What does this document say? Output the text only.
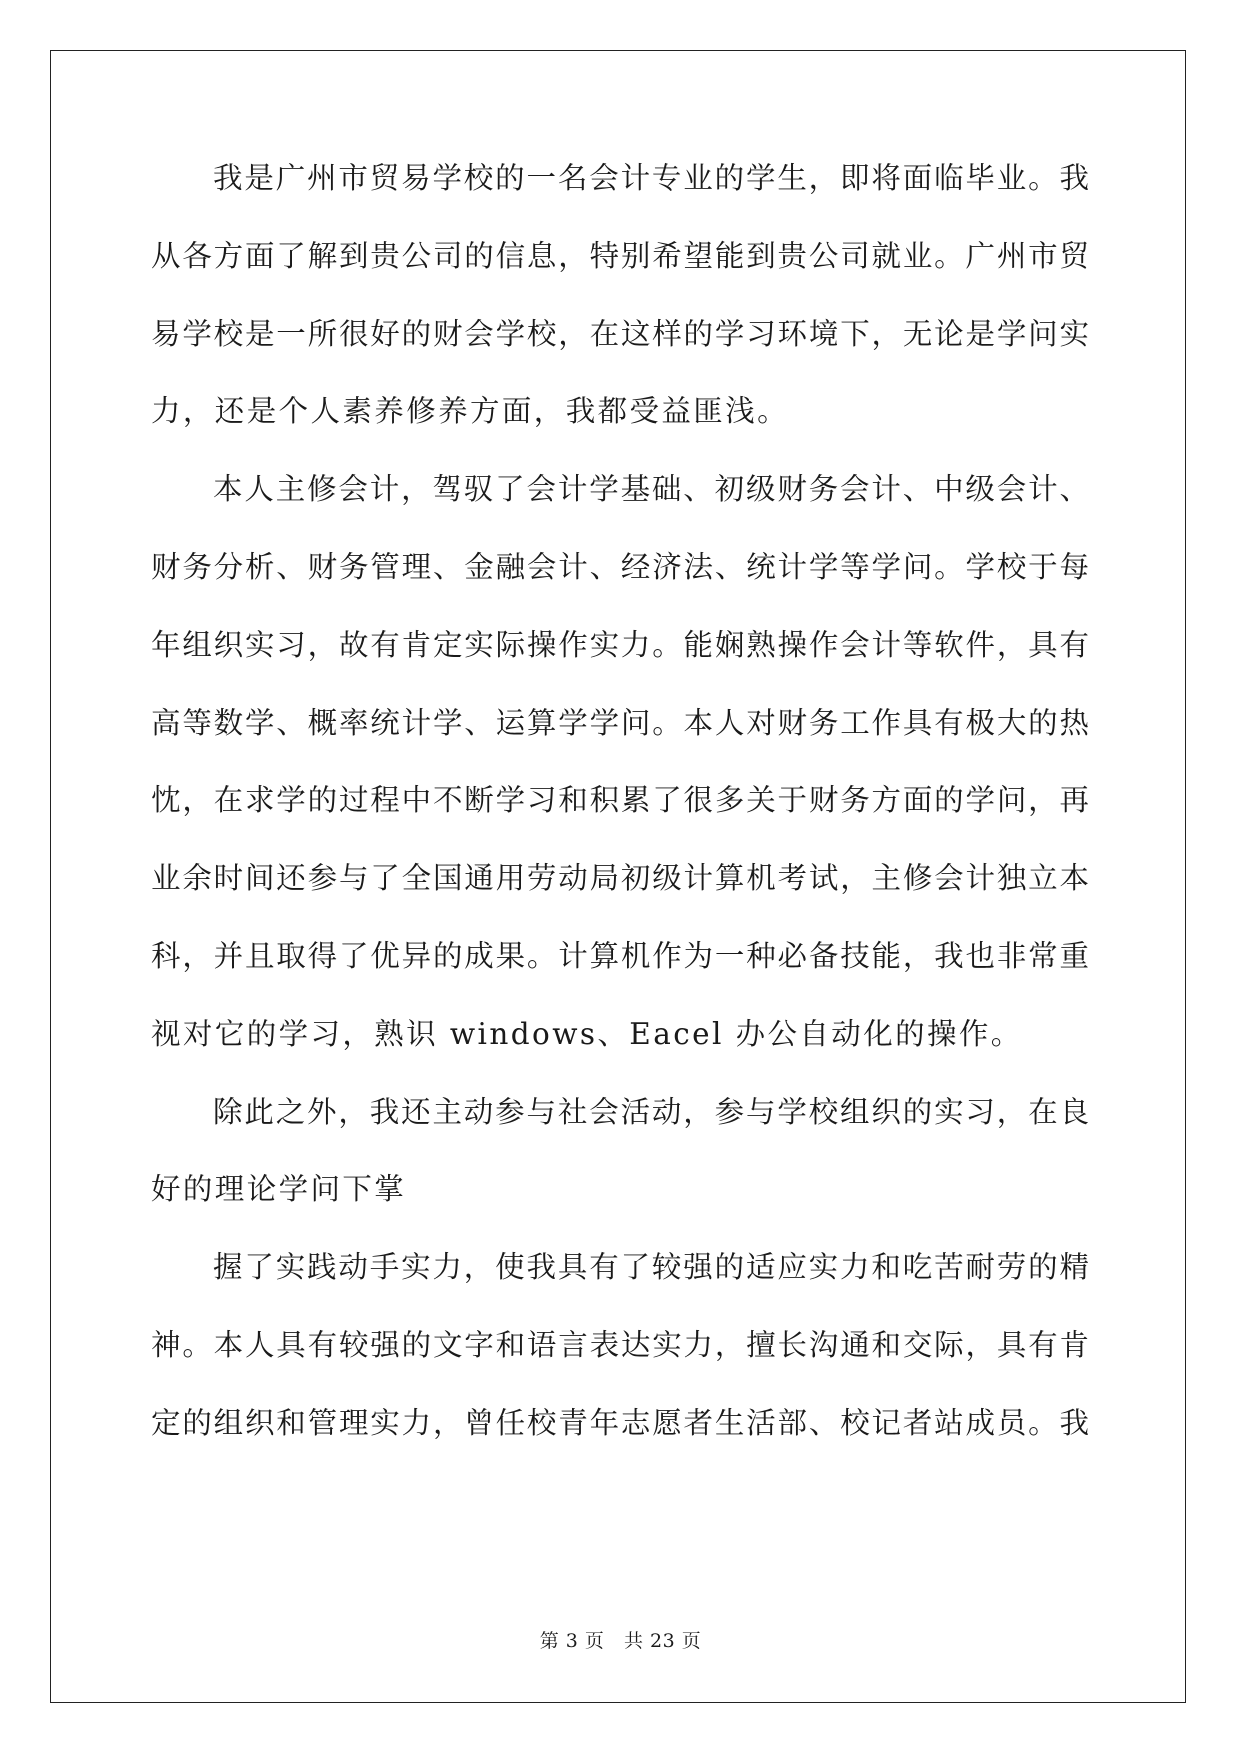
我是广州市贸易学校的一名会计专业的学生，即将面临毕业。我
从各方面了解到贵公司的信息，特别希望能到贵公司就业。广州市贸
易学校是一所很好的财会学校，在这样的学习环境下，无论是学问实
力，还是个人素养修养方面，我都受益匪浅。
本人主修会计，驾驭了会计学基础、初级财务会计、中级会计、
财务分析、财务管理、金融会计、经济法、统计学等学问。学校于每
年组织实习，故有肯定实际操作实力。能娴熟操作会计等软件，具有
高等数学、概率统计学、运算学学问。本人对财务工作具有极大的热
忱，在求学的过程中不断学习和积累了很多关于财务方面的学问，再
业余时间还参与了全国通用劳动局初级计算机考试，主修会计独立本
科，并且取得了优异的成果。计算机作为一种必备技能，我也非常重
视对它的学习，熟识 windows、Eacel 办公自动化的操作。
除此之外，我还主动参与社会活动，参与学校组织的实习，在良
好的理论学问下掌
握了实践动手实力，使我具有了较强的适应实力和吃苦耐劳的精
神。本人具有较强的文字和语言表达实力，擅长沟通和交际，具有肯
定的组织和管理实力，曾任校青年志愿者生活部、校记者站成员。我
第 3 页   共 23 页
